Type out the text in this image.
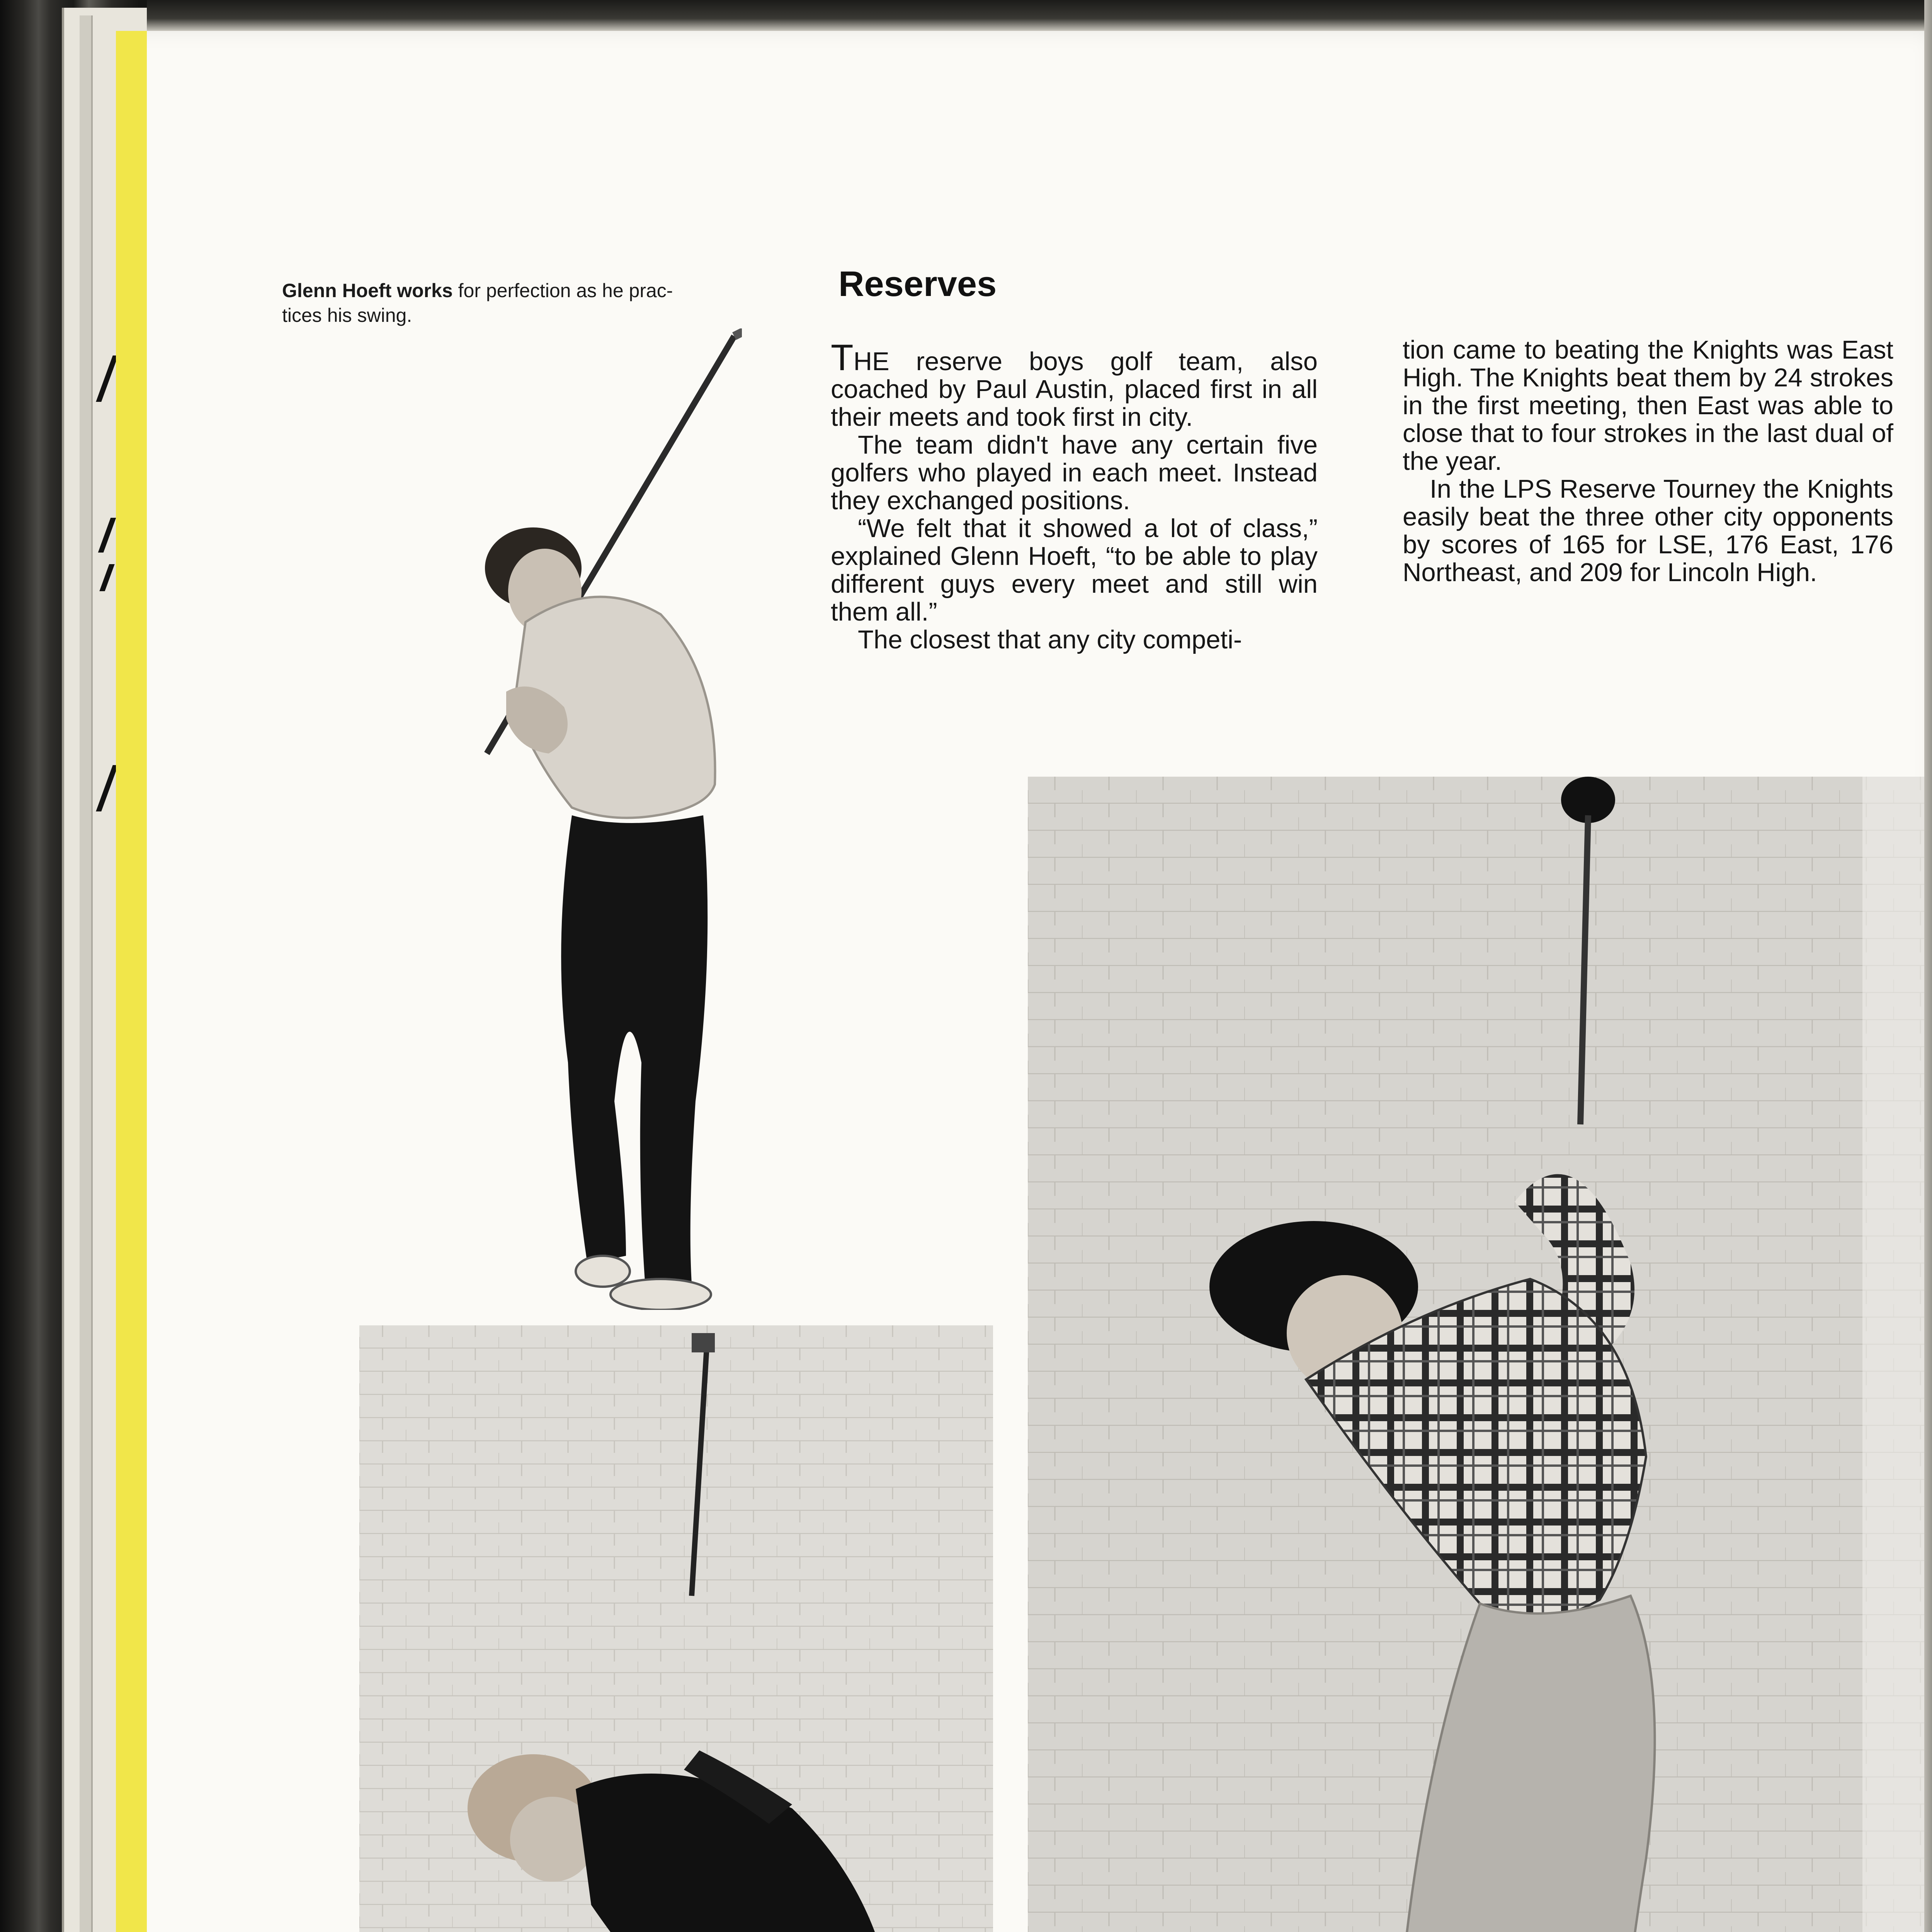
Glenn Hoeft works for perfection as he prac-
tices his swing.

Reserves

THE reserve boys golf team, also coached by Paul Austin, placed first in all their meets and took first in city.

The team didn't have any certain five golfers who played in each meet. Instead they exchanged positions.

“We felt that it showed a lot of class,” explained Glenn Hoeft, “to be able to play different guys every meet and still win them all.”

The closest that any city competi-

tion came to beating the Knights was East High. The Knights beat them by 24 strokes in the first meeting, then East was able to close that to four strokes in the last dual of the year.

In the LPS Reserve Tourney the Knights easily beat the three other city opponents by scores of 165 for LSE, 176 East, 176 Northeast, and 209 for Lincoln High.
